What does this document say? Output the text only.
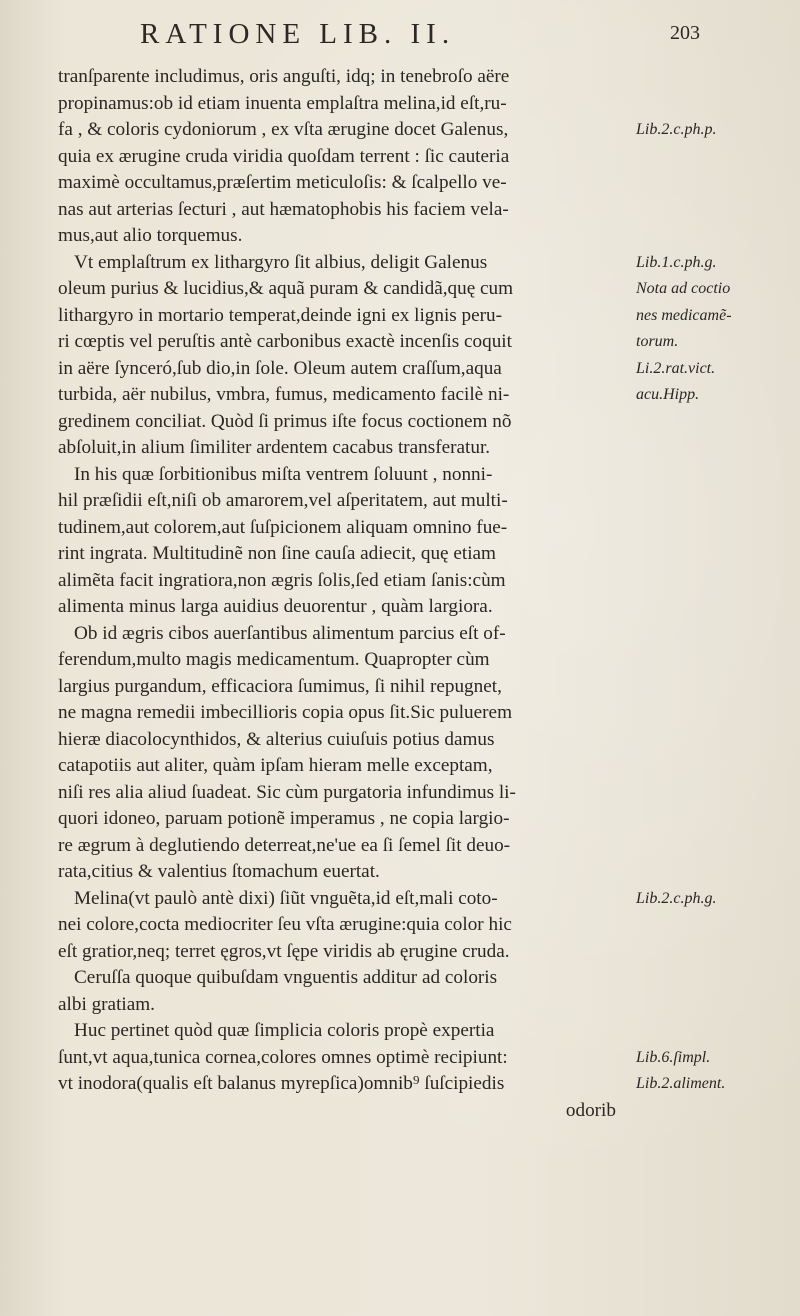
RATIONE LIB. II.	203
tranſparente includimus, oris anguſti, idq; in tenebroſo aëre
propinamus:ob id etiam inuenta emplaſtra melina,id eſt,ru-
fa , & coloris cydoniorum , ex vſta ærugine docet Galenus,
quia ex ærugine cruda viridia quoſdam terrent : ſic cauteria
maximè occultamus,præſertim meticuloſis: & ſcalpello ve-
nas aut arterias ſecturi , aut hæmatophobis his faciem vela-
mus,aut alio torquemus.
Vt emplaſtrum ex lithargyro ſit albius, deligit Galenus
oleum purius & lucidius,& aquã puram & candidã,quę cum
lithargyro in mortario temperat,deinde igni ex lignis peru-
ri cœptis vel peruſtis antè carbonibus exactè incenſis coquit
in aëre ſynceró,ſub dio,in ſole. Oleum autem craſſum,aqua
turbida, aër nubilus, vmbra, fumus, medicamento facilè ni-
gredinem conciliat. Quòd ſi primus iſte focus coctionem nõ
abſoluit,in alium ſimiliter ardentem cacabus transferatur.
In his quæ ſorbitionibus miſta ventrem ſoluunt , nonni-
hil præſidii eſt,niſi ob amarorem,vel aſperitatem, aut multi-
tudinem,aut colorem,aut ſuſpicionem aliquam omnino fue-
rint ingrata. Multitudinẽ non ſine cauſa adiecit, quę etiam
alimẽta facit ingratiora,non ægris ſolis,ſed etiam ſanis:cùm
alimenta minus larga auidius deuorentur , quàm largiora.
Ob id ægris cibos auerſantibus alimentum parcius eſt of-
ferendum,multo magis medicamentum. Quapropter cùm
largius purgandum, efficaciora ſumimus, ſi nihil repugnet,
ne magna remedii imbecillioris copia opus ſit.Sic puluerem
hieræ diacolocynthidos, & alterius cuiuſuis potius damus
catapotiis aut aliter, quàm ipſam hieram melle exceptam,
niſi res alia aliud ſuadeat. Sic cùm purgatoria infundimus li-
quori idoneo, paruam potionẽ imperamus , ne copia largio-
re ægrum à deglutiendo deterreat,ne'ue ea ſi ſemel ſit deuo-
rata,citius & valentius ſtomachum euertat.
Melina(vt paulò antè dixi) ſiũt vnguẽta,id eſt,mali coto-
nei colore,cocta mediocriter ſeu vſta ærugine:quia color hic
eſt gratior,neq; terret ęgros,vt ſępe viridis ab ęrugine cruda.
Ceruſſa quoque quibuſdam vnguentis additur ad coloris
albi gratiam.
Huc pertinet quòd quæ ſimplicia coloris propè expertia
ſunt,vt aqua,tunica cornea,colores omnes optimè recipiunt:
vt inodora(qualis eſt balanus myrepſica)omnib⁹ ſuſcipiedis
odorib
Lib.2.c.ph.p.
Lib.1.c.ph.g.
Nota ad coctio
nes medicamẽ-
torum.
Li.2.rat.vict.
acu.Hipp.
Lib.2.c.ph.g.
Lib.6.ſimpl.
Lib.2.aliment.
